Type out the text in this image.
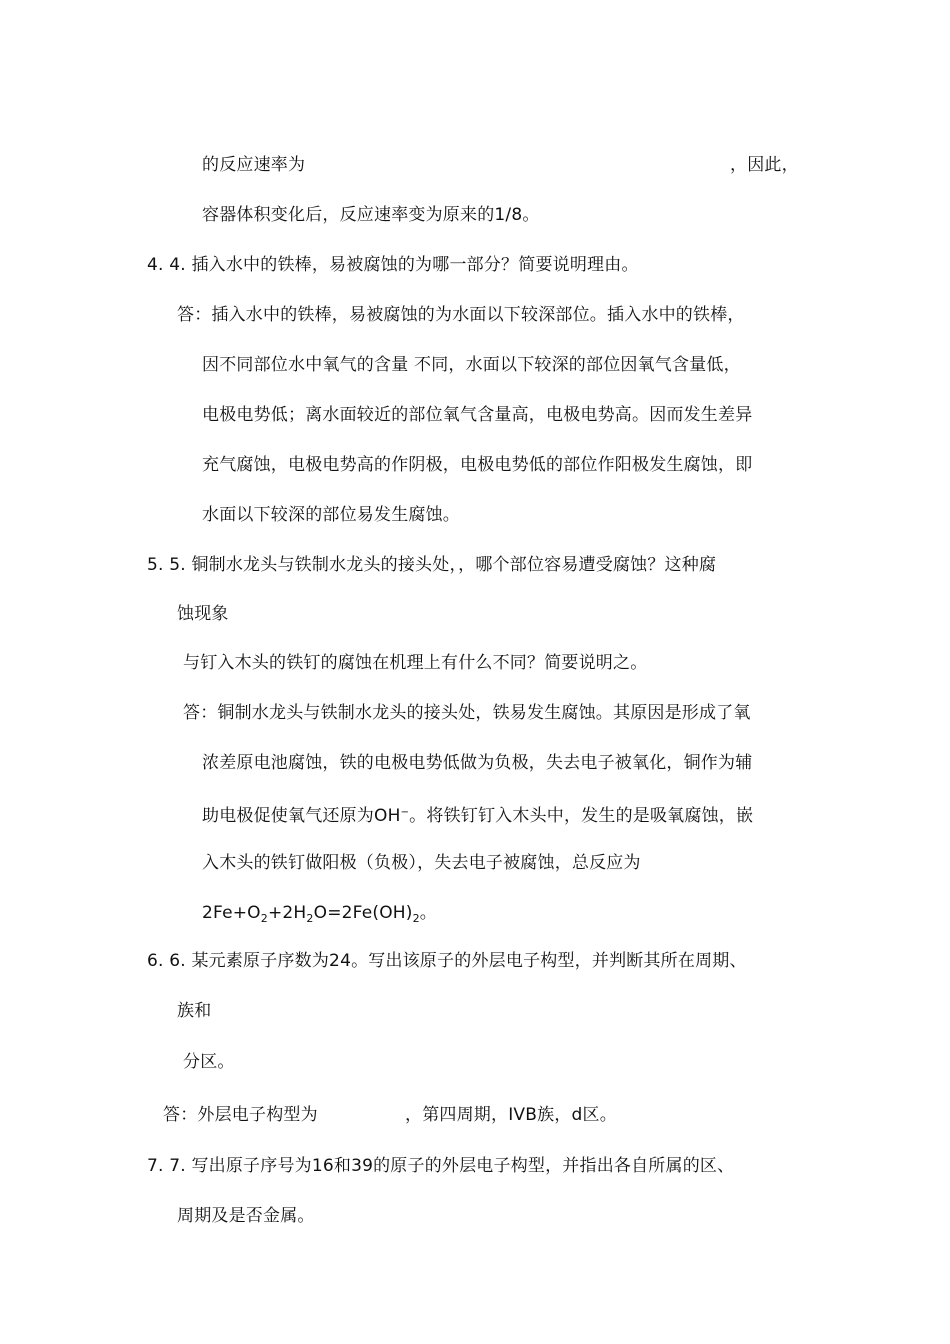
的反应速率为	，因此，
容器体积变化后，反应速率变为原来的1/8。
4. 4. 插入水中的铁棒，易被腐蚀的为哪一部分？简要说明理由。
答：插入水中的铁棒，易被腐蚀的为水面以下较深部位。插入水中的铁棒，
因不同部位水中氧气的含量 不同，水面以下较深的部位因氧气含量低，
电极电势低；离水面较近的部位氧气含量高，电极电势高。因而发生差异
充气腐蚀，电极电势高的作阴极，电极电势低的部位作阳极发生腐蚀，即
水面以下较深的部位易发生腐蚀。
5. 5. 铜制水龙头与铁制水龙头的接头处，，哪个部位容易遭受腐蚀？这种腐
蚀现象
与钉入木头的铁钉的腐蚀在机理上有什么不同？简要说明之。
答：铜制水龙头与铁制水龙头的接头处，铁易发生腐蚀。其原因是形成了氧
浓差原电池腐蚀，铁的电极电势低做为负极，失去电子被氧化，铜作为辅
助电极促使氧气还原为OH−。将铁钉钉入木头中，发生的是吸氧腐蚀，嵌
入木头的铁钉做阳极（负极），失去电子被腐蚀，总反应为
$2Fe+O_2+2H_2O=2Fe(OH)_2$。
6. 6. 某元素原子序数为24。写出该原子的外层电子构型，并判断其所在周期、
族和
分区。
答：外层电子构型为	，第四周期，IVB族，d区。
7. 7. 写出原子序号为16和39的原子的外层电子构型，并指出各自所属的区、
周期及是否金属。
